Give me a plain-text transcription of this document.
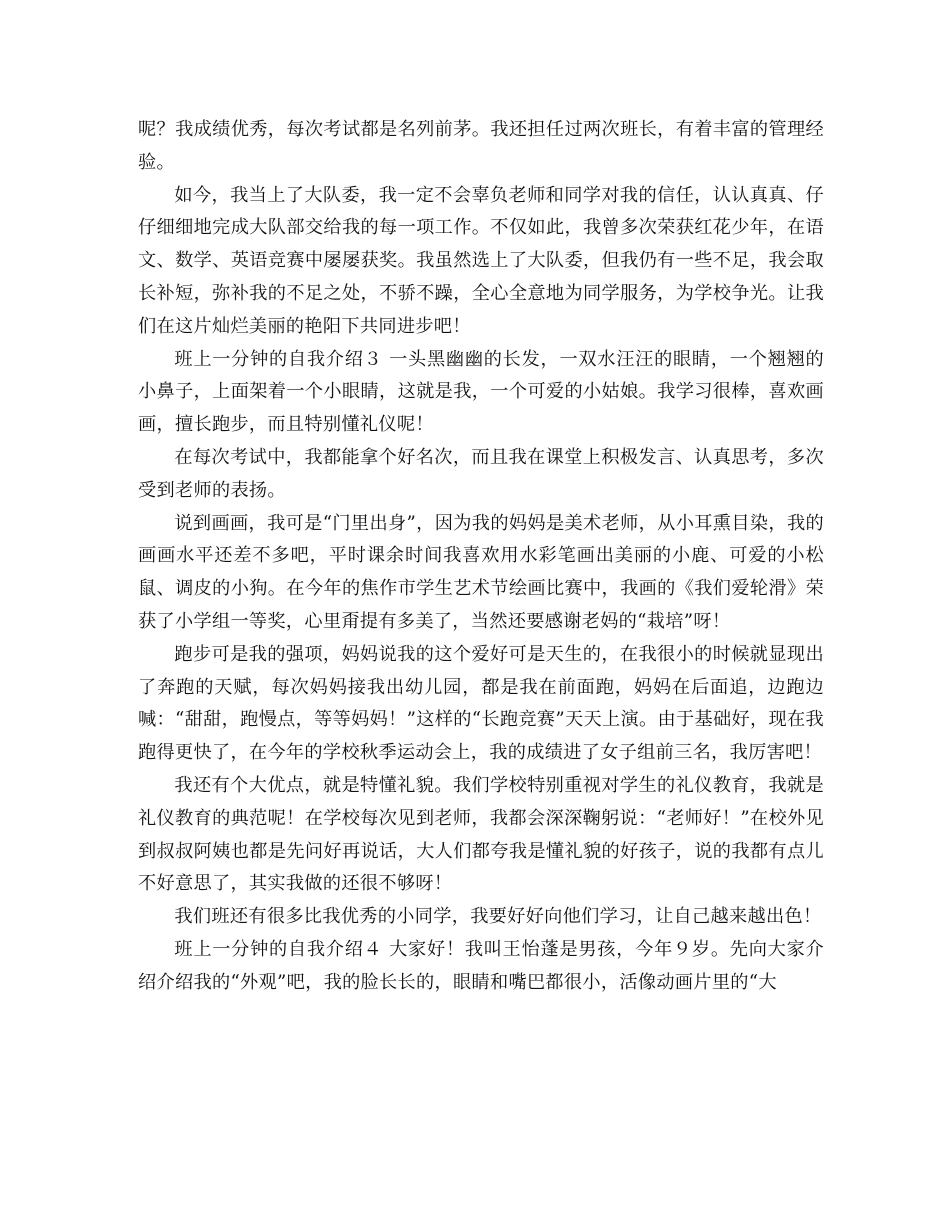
呢？我成绩优秀，每次考试都是名列前茅。我还担任过两次班长，有着丰富的管理经验。

如今，我当上了大队委，我一定不会辜负老师和同学对我的信任，认认真真、仔仔细细地完成大队部交给我的每一项工作。不仅如此，我曾多次荣获红花少年，在语文、数学、英语竞赛中屡屡获奖。我虽然选上了大队委，但我仍有一些不足，我会取长补短，弥补我的不足之处，不骄不躁，全心全意地为同学服务，为学校争光。让我们在这片灿烂美丽的艳阳下共同进步吧！

班上一分钟的自我介绍３ 一头黑幽幽的长发，一双水汪汪的眼睛，一个翘翘的小鼻子，上面架着一个小眼睛，这就是我，一个可爱的小姑娘。我学习很棒，喜欢画画，擅长跑步，而且特别懂礼仪呢！

在每次考试中，我都能拿个好名次，而且我在课堂上积极发言、认真思考，多次受到老师的表扬。

说到画画，我可是“门里出身”，因为我的妈妈是美术老师，从小耳熏目染，我的画画水平还差不多吧，平时课余时间我喜欢用水彩笔画出美丽的小鹿、可爱的小松鼠、调皮的小狗。在今年的焦作市学生艺术节绘画比赛中，我画的《我们爱轮滑》荣获了小学组一等奖，心里甭提有多美了，当然还要感谢老妈的“栽培”呀！

跑步可是我的强项，妈妈说我的这个爱好可是天生的，在我很小的时候就显现出了奔跑的天赋，每次妈妈接我出幼儿园，都是我在前面跑，妈妈在后面追，边跑边喊：“甜甜，跑慢点，等等妈妈！”这样的“长跑竞赛”天天上演。由于基础好，现在我跑得更快了，在今年的学校秋季运动会上，我的成绩进了女子组前三名，我厉害吧！

我还有个大优点，就是特懂礼貌。我们学校特别重视对学生的礼仪教育，我就是礼仪教育的典范呢！在学校每次见到老师，我都会深深鞠躬说：“老师好！”在校外见到叔叔阿姨也都是先问好再说话，大人们都夸我是懂礼貌的好孩子，说的我都有点儿不好意思了，其实我做的还很不够呀！

我们班还有很多比我优秀的小同学，我要好好向他们学习，让自己越来越出色！

班上一分钟的自我介绍４ 大家好！我叫王怡蓬是男孩，今年９岁。先向大家介绍介绍我的“外观”吧，我的脸长长的，眼睛和嘴巴都很小，活像动画片里的“大
